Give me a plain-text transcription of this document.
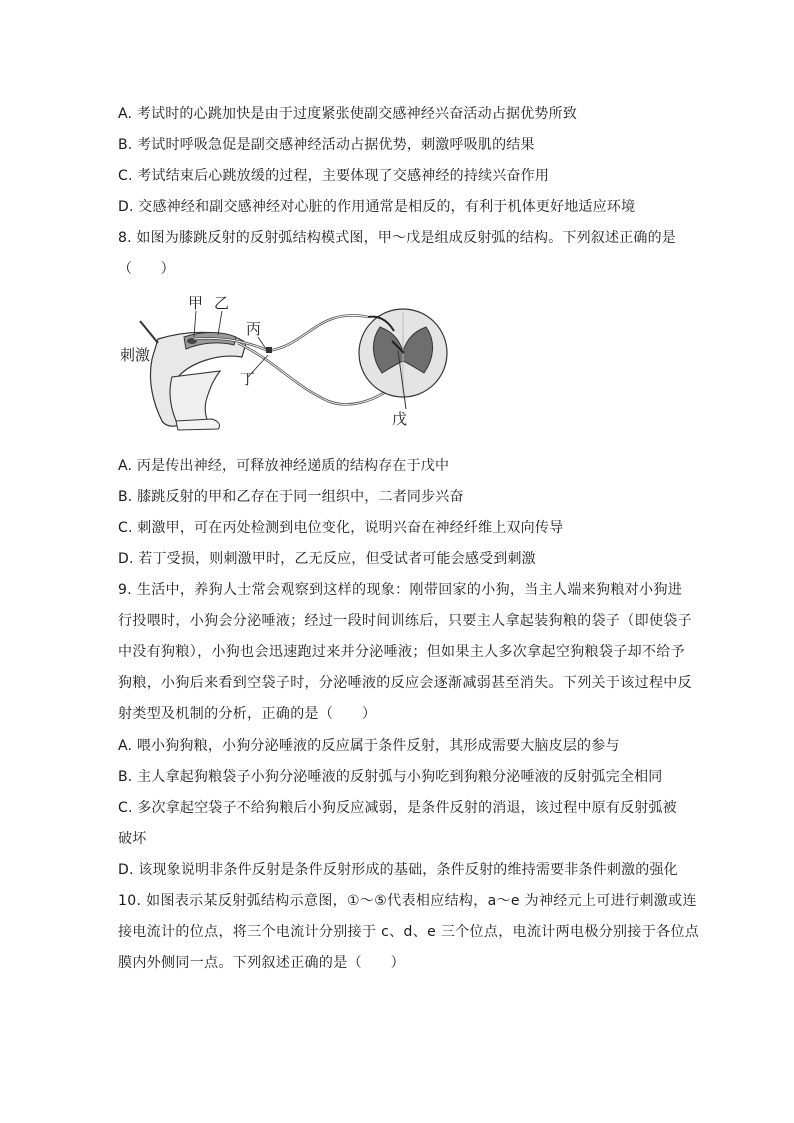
A. 考试时的心跳加快是由于过度紧张使副交感神经兴奋活动占据优势所致
B. 考试时呼吸急促是副交感神经活动占据优势，刺激呼吸肌的结果
C. 考试结束后心跳放缓的过程，主要体现了交感神经的持续兴奋作用
D. 交感神经和副交感神经对心脏的作用通常是相反的，有利于机体更好地适应环境
8. 如图为膝跳反射的反射弧结构模式图，甲～戊是组成反射弧的结构。下列叙述正确的是
（　　）
甲 乙
丙
丁
戊
刺激
A. 丙是传出神经，可释放神经递质的结构存在于戊中
B. 膝跳反射的甲和乙存在于同一组织中，二者同步兴奋
C. 刺激甲，可在丙处检测到电位变化，说明兴奋在神经纤维上双向传导
D. 若丁受损，则刺激甲时，乙无反应，但受试者可能会感受到刺激
9. 生活中，养狗人士常会观察到这样的现象：刚带回家的小狗，当主人端来狗粮对小狗进
行投喂时，小狗会分泌唾液；经过一段时间训练后，只要主人拿起装狗粮的袋子（即使袋子
中没有狗粮），小狗也会迅速跑过来并分泌唾液；但如果主人多次拿起空狗粮袋子却不给予
狗粮，小狗后来看到空袋子时，分泌唾液的反应会逐渐减弱甚至消失。下列关于该过程中反
射类型及机制的分析，正确的是（　　）
A. 喂小狗狗粮，小狗分泌唾液的反应属于条件反射，其形成需要大脑皮层的参与
B. 主人拿起狗粮袋子小狗分泌唾液的反射弧与小狗吃到狗粮分泌唾液的反射弧完全相同
C. 多次拿起空袋子不给狗粮后小狗反应减弱，是条件反射的消退，该过程中原有反射弧被
破坏
D. 该现象说明非条件反射是条件反射形成的基础，条件反射的维持需要非条件刺激的强化
10. 如图表示某反射弧结构示意图，①～⑤代表相应结构，a～e 为神经元上可进行刺激或连
接电流计的位点，将三个电流计分别接于 c、d、e 三个位点，电流计两电极分别接于各位点
膜内外侧同一点。下列叙述正确的是（　　）
